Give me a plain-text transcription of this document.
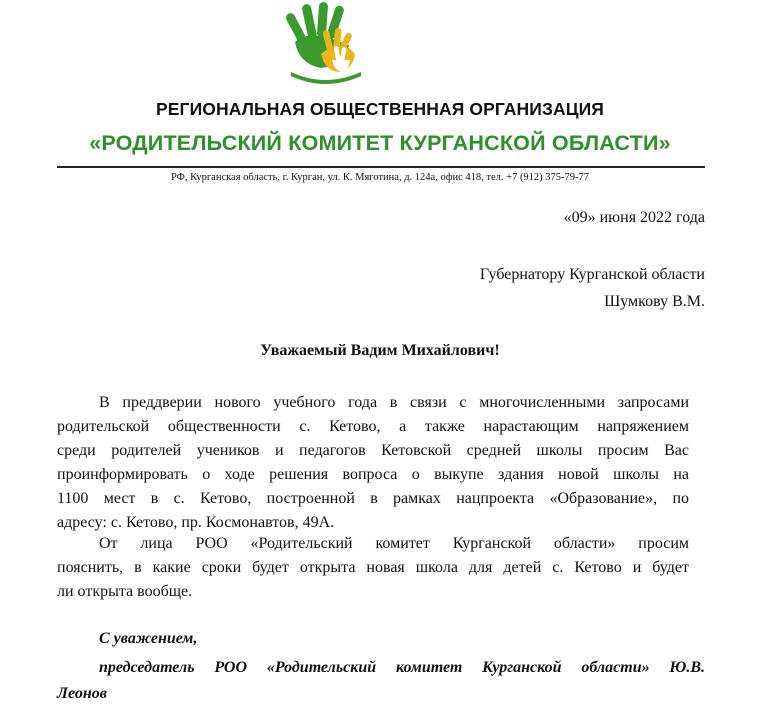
РЕГИОНАЛЬНАЯ ОБЩЕСТВЕННАЯ ОРГАНИЗАЦИЯ
«РОДИТЕЛЬСКИЙ КОМИТЕТ КУРГАНСКОЙ ОБЛАСТИ»
РФ, Курганская область, г. Курган, ул. К. Мяготина, д. 124а, офис 418, тел. +7 (912) 375-79-77
«09» июня 2022 года
Губернатору Курганской области
Шумкову В.М.
Уважаемый Вадим Михайлович!
В преддверии нового учебного года в связи с многочисленными запросами
родительской общественности с. Кетово, а также нарастающим напряжением
среди родителей учеников и педагогов Кетовской средней школы просим Вас
проинформировать о ходе решения вопроса о выкупе здания новой школы на
1100 мест в с. Кетово, построенной в рамках нацпроекта «Образование», по
адресу: с. Кетово, пр. Космонавтов, 49А.
От лица РОО «Родительский комитет Курганской области» просим
пояснить, в какие сроки будет открыта новая школа для детей с. Кетово и будет
ли открыта вообще.
С уважением,
председатель РОО «Родительский комитет Курганской области» Ю.В.
Леонов
